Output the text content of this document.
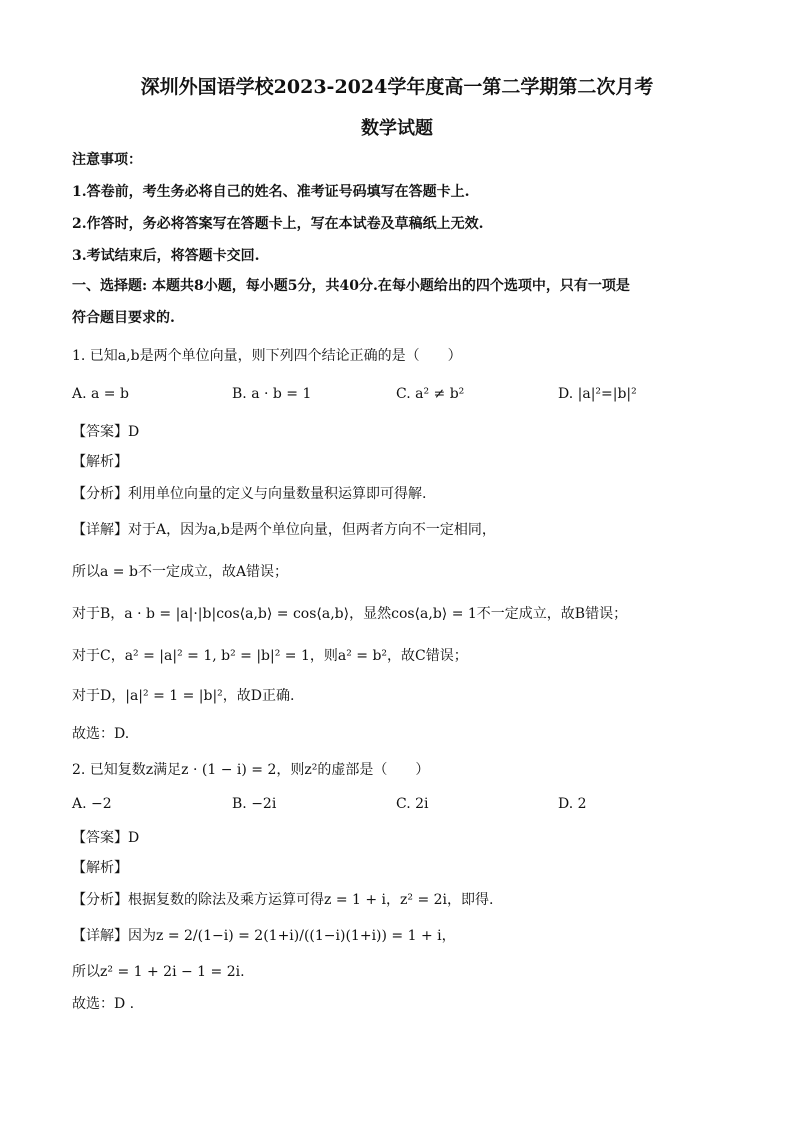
深圳外国语学校2023-2024学年度高一第二学期第二次月考
数学试题
注意事项：
1.答卷前，考生务必将自己的姓名、准考证号码填写在答题卡上.
2.作答时，务必将答案写在答题卡上，写在本试卷及草稿纸上无效.
3.考试结束后，将答题卡交回.
一、选择题: 本题共8小题，每小题5分，共40分.在每小题给出的四个选项中，只有一项是
符合题目要求的.
1. 已知a,b是两个单位向量，则下列四个结论正确的是（　　）
A. a = b	B. a · b = 1	C. a² ≠ b²	D. |a|²=|b|²
【答案】D
【解析】
【分析】利用单位向量的定义与向量数量积运算即可得解.
【详解】对于A，因为a,b是两个单位向量，但两者方向不一定相同，
所以a = b不一定成立，故A错误；
对于B，a · b = |a|·|b|cos⟨a,b⟩ = cos⟨a,b⟩，显然cos⟨a,b⟩ = 1不一定成立，故B错误；
对于C，a² = |a|² = 1, b² = |b|² = 1，则a² = b²，故C错误；
对于D，|a|² = 1 = |b|²，故D正确.
故选：D.
2. 已知复数z满足z · (1 − i) = 2，则z²的虚部是（　　）
A. −2	B. −2i	C. 2i	D. 2
【答案】D
【解析】
【分析】根据复数的除法及乘方运算可得z = 1 + i，z² = 2i，即得.
【详解】因为z = 2/(1−i) = 2(1+i)/((1−i)(1+i)) = 1 + i，
所以z² = 1 + 2i − 1 = 2i.
故选：D .
